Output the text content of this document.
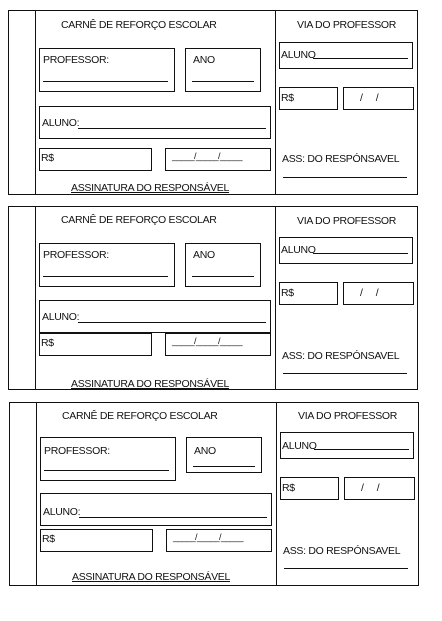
CARNÊ DE REFORÇO ESCOLAR
PROFESSOR:	ANO
ALUNO:
R$	_____/_____/_____
ASSINATURA DO RESPONSÁVEL
VIA DO PROFESSOR
ALUNO
R$	/     /
ASS: DO RESPÓNSAVEL
CARNÊ DE REFORÇO ESCOLAR
PROFESSOR:	ANO
ALUNO:
R$	_____/_____/_____
ASSINATURA DO RESPONSÁVEL
VIA DO PROFESSOR
ALUNO
R$	/     /
ASS: DO RESPÓNSAVEL
CARNÊ DE REFORÇO ESCOLAR
PROFESSOR:	ANO
ALUNO:
R$	_____/_____/_____
ASSINATURA DO RESPONSÁVEL
VIA DO PROFESSOR
ALUNO
R$	/     /
ASS: DO RESPÓNSAVEL
